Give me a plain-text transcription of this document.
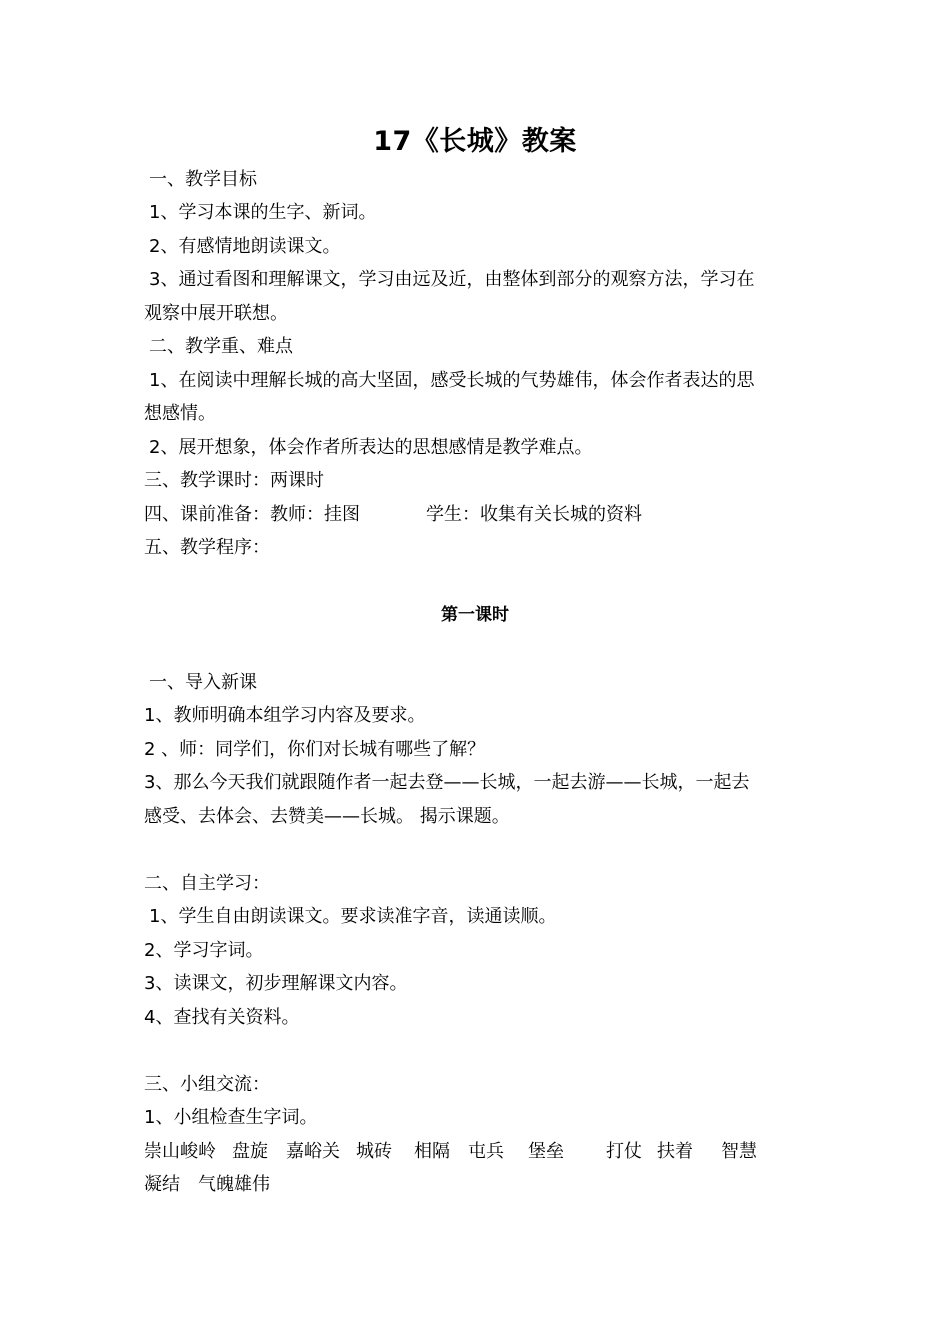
17《长城》教案
一、教学目标
1、学习本课的生字、新词。
2、有感情地朗读课文。
3、通过看图和理解课文，学习由远及近，由整体到部分的观察方法，学习在
观察中展开联想。
二、教学重、难点
1、在阅读中理解长城的高大坚固，感受长城的气势雄伟，体会作者表达的思
想感情。
2、展开想象，体会作者所表达的思想感情是教学难点。
三、教学课时：两课时
四、课前准备：教师：挂图	学生：收集有关长城的资料
五、教学程序：
第一课时
一、导入新课
1、教师明确本组学习内容及要求。
2 、师：同学们，你们对长城有哪些了解？
3、那么今天我们就跟随作者一起去登——长城，一起去游——长城，一起去
感受、去体会、去赞美——长城。 揭示课题。
二、自主学习：
1、学生自由朗读课文。要求读准字音，读通读顺。
2、学习字词。
3、读课文，初步理解课文内容。
4、查找有关资料。
三、小组交流：
1、小组检查生字词。
崇山峻岭 盘旋 嘉峪关 城砖 相隔 屯兵 堡垒 打仗 扶着 智慧
凝结 气魄雄伟
